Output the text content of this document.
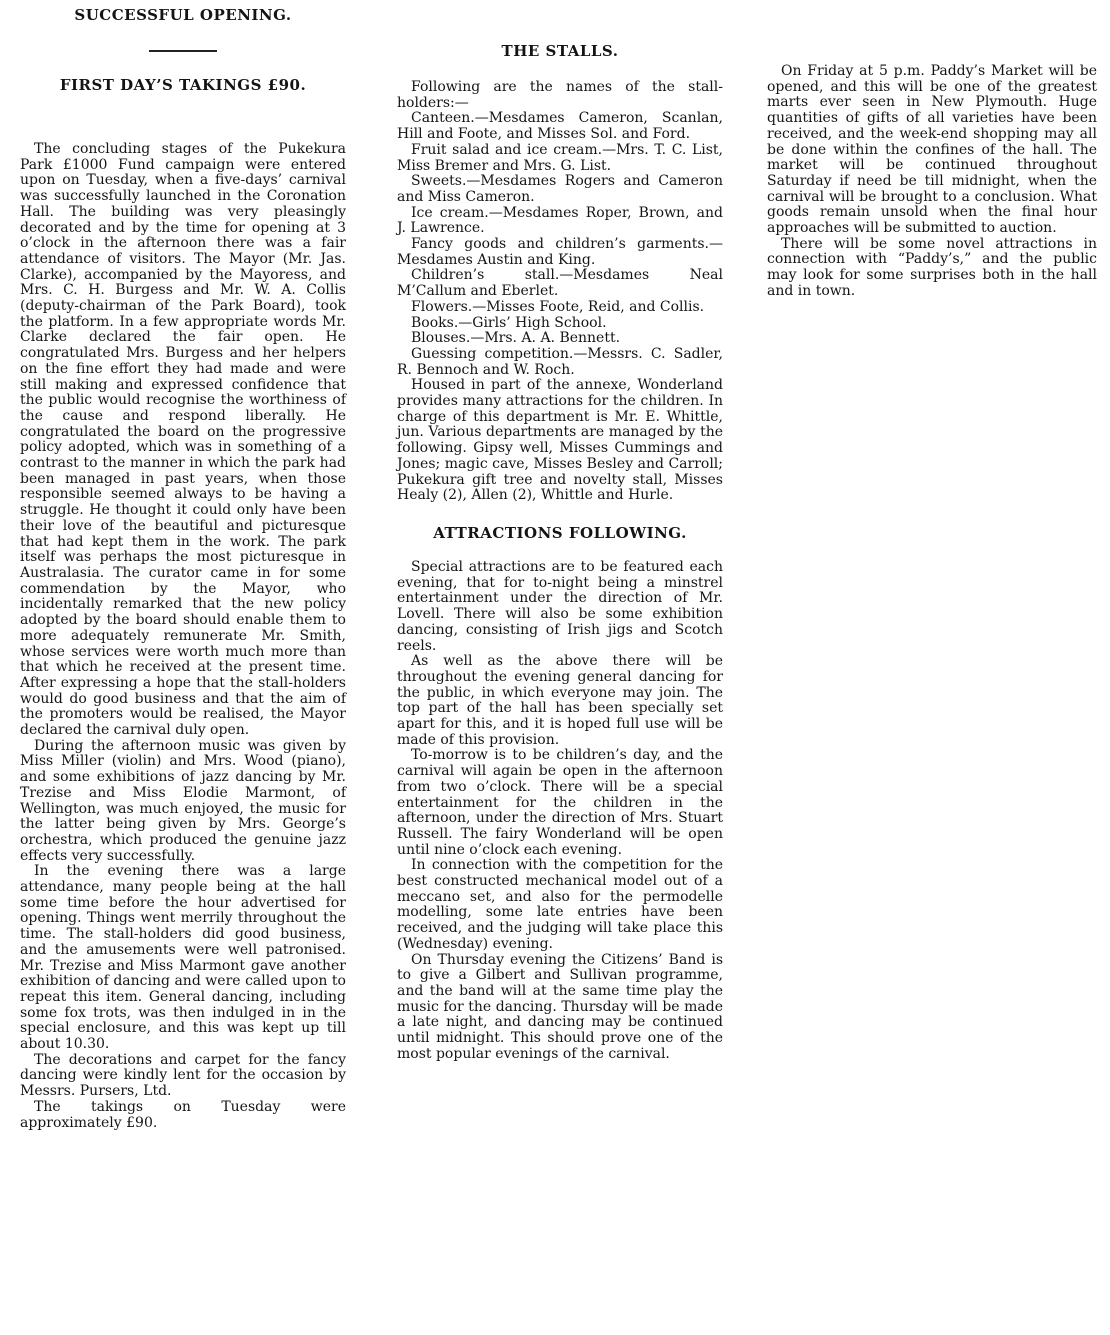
SUCCESSFUL OPENING.
FIRST DAY’S TAKINGS £90.

The concluding stages of the Pukekura Park £1000 Fund campaign were entered upon on Tuesday, when a five-days’ carnival was successfully launched in the Coronation Hall. The building was very pleasingly decorated and by the time for opening at 3 o’clock in the afternoon there was a fair attendance of visitors. The Mayor (Mr. Jas. Clarke), accompanied by the Mayoress, and Mrs. C. H. Burgess and Mr. W. A. Collis (deputy-chairman of the Park Board), took the platform. In a few appropriate words Mr. Clarke declared the fair open. He congratulated Mrs. Burgess and her helpers on the fine effort they had made and were still making and expressed confidence that the public would recognise the worthiness of the cause and respond liberally. He congratulated the board on the progressive policy adopted, which was in something of a contrast to the manner in which the park had been managed in past years, when those responsible seemed always to be having a struggle. He thought it could only have been their love of the beautiful and picturesque that had kept them in the work. The park itself was perhaps the most picturesque in Australasia. The curator came in for some commendation by the Mayor, who incidentally remarked that the new policy adopted by the board should enable them to more adequately remunerate Mr. Smith, whose services were worth much more than that which he received at the present time. After expressing a hope that the stall-holders would do good business and that the aim of the promoters would be realised, the Mayor declared the carnival duly open.

During the afternoon music was given by Miss Miller (violin) and Mrs. Wood (piano), and some exhibitions of jazz dancing by Mr. Trezise and Miss Elodie Marmont, of Wellington, was much enjoyed, the music for the latter being given by Mrs. George’s orchestra, which produced the genuine jazz effects very successfully.

In the evening there was a large attendance, many people being at the hall some time before the hour advertised for opening. Things went merrily throughout the time. The stall-holders did good business, and the amusements were well patronised. Mr. Trezise and Miss Marmont gave another exhibition of dancing and were called upon to repeat this item. General dancing, including some fox trots, was then indulged in in the special enclosure, and this was kept up till about 10.30.

The decorations and carpet for the fancy dancing were kindly lent for the occasion by Messrs. Pursers, Ltd.

The takings on Tuesday were approximately £90.

THE STALLS.

Following are the names of the stall-holders:—

Canteen.—Mesdames Cameron, Scanlan, Hill and Foote, and Misses Sol. and Ford.

Fruit salad and ice cream.—Mrs. T. C. List, Miss Bremer and Mrs. G. List.

Sweets.—Mesdames Rogers and Cameron and Miss Cameron.

Ice cream.—Mesdames Roper, Brown, and J. Lawrence.

Fancy goods and children’s garments.—Mesdames Austin and King.

Children’s stall.—Mesdames Neal M’Callum and Eberlet.

Flowers.—Misses Foote, Reid, and Collis.

Books.—Girls’ High School.

Blouses.—Mrs. A. A. Bennett.

Guessing competition.—Messrs. C. Sadler, R. Bennoch and W. Roch.

Housed in part of the annexe, Wonderland provides many attractions for the children. In charge of this department is Mr. E. Whittle, jun. Various departments are managed by the following. Gipsy well, Misses Cummings and Jones; magic cave, Misses Besley and Carroll; Pukekura gift tree and novelty stall, Misses Healy (2), Allen (2), Whittle and Hurle.

ATTRACTIONS FOLLOWING.

Special attractions are to be featured each evening, that for to-night being a minstrel entertainment under the direction of Mr. Lovell. There will also be some exhibition dancing, consisting of Irish jigs and Scotch reels.

As well as the above there will be throughout the evening general dancing for the public, in which everyone may join. The top part of the hall has been specially set apart for this, and it is hoped full use will be made of this provision.

To-morrow is to be children’s day, and the carnival will again be open in the afternoon from two o’clock. There will be a special entertainment for the children in the afternoon, under the direction of Mrs. Stuart Russell. The fairy Wonderland will be open until nine o’clock each evening.

In connection with the competition for the best constructed mechanical model out of a meccano set, and also for the permodelle modelling, some late entries have been received, and the judging will take place this (Wednesday) evening.

On Thursday evening the Citizens’ Band is to give a Gilbert and Sullivan programme, and the band will at the same time play the music for the dancing. Thursday will be made a late night, and dancing may be continued until midnight. This should prove one of the most popular evenings of the carnival.

On Friday at 5 p.m. Paddy’s Market will be opened, and this will be one of the greatest marts ever seen in New Plymouth. Huge quantities of gifts of all varieties have been received, and the week-end shopping may all be done within the confines of the hall. The market will be continued throughout Saturday if need be till midnight, when the carnival will be brought to a conclusion. What goods remain unsold when the final hour approaches will be submitted to auction.

There will be some novel attractions in connection with “Paddy’s,” and the public may look for some surprises both in the hall and in town.
